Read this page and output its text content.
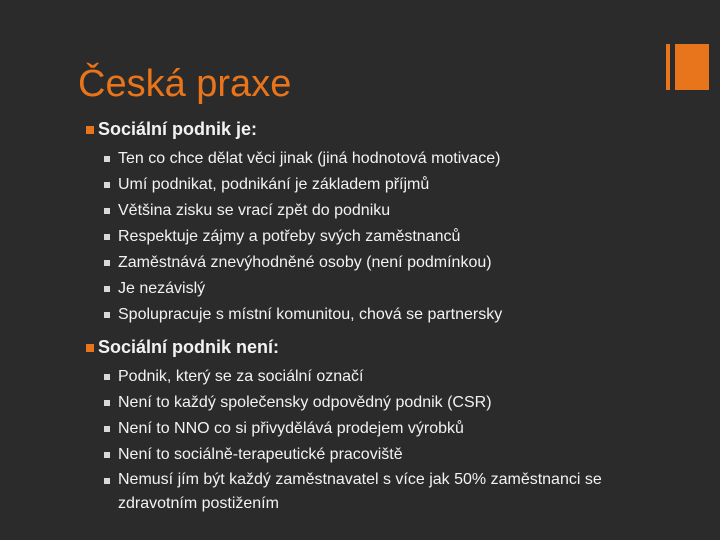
Česká praxe
Sociální podnik je:
Ten co chce dělat věci jinak (jiná hodnotová motivace)
Umí podnikat, podnikání je základem příjmů
Většina zisku se vrací zpět do podniku
Respektuje zájmy a potřeby svých zaměstnanců
Zaměstnává znevýhodněné osoby (není podmínkou)
Je nezávislý
Spolupracuje s místní komunitou, chová se partnersky
Sociální podnik není:
Podnik, který se za sociální označí
Není to každý společensky odpovědný podnik (CSR)
Není to NNO co si přivydělává prodejem výrobků
Není to sociálně-terapeutické pracoviště
Nemusí jím být každý zaměstnavatel s více jak 50% zaměstnanci se zdravotním postižením
